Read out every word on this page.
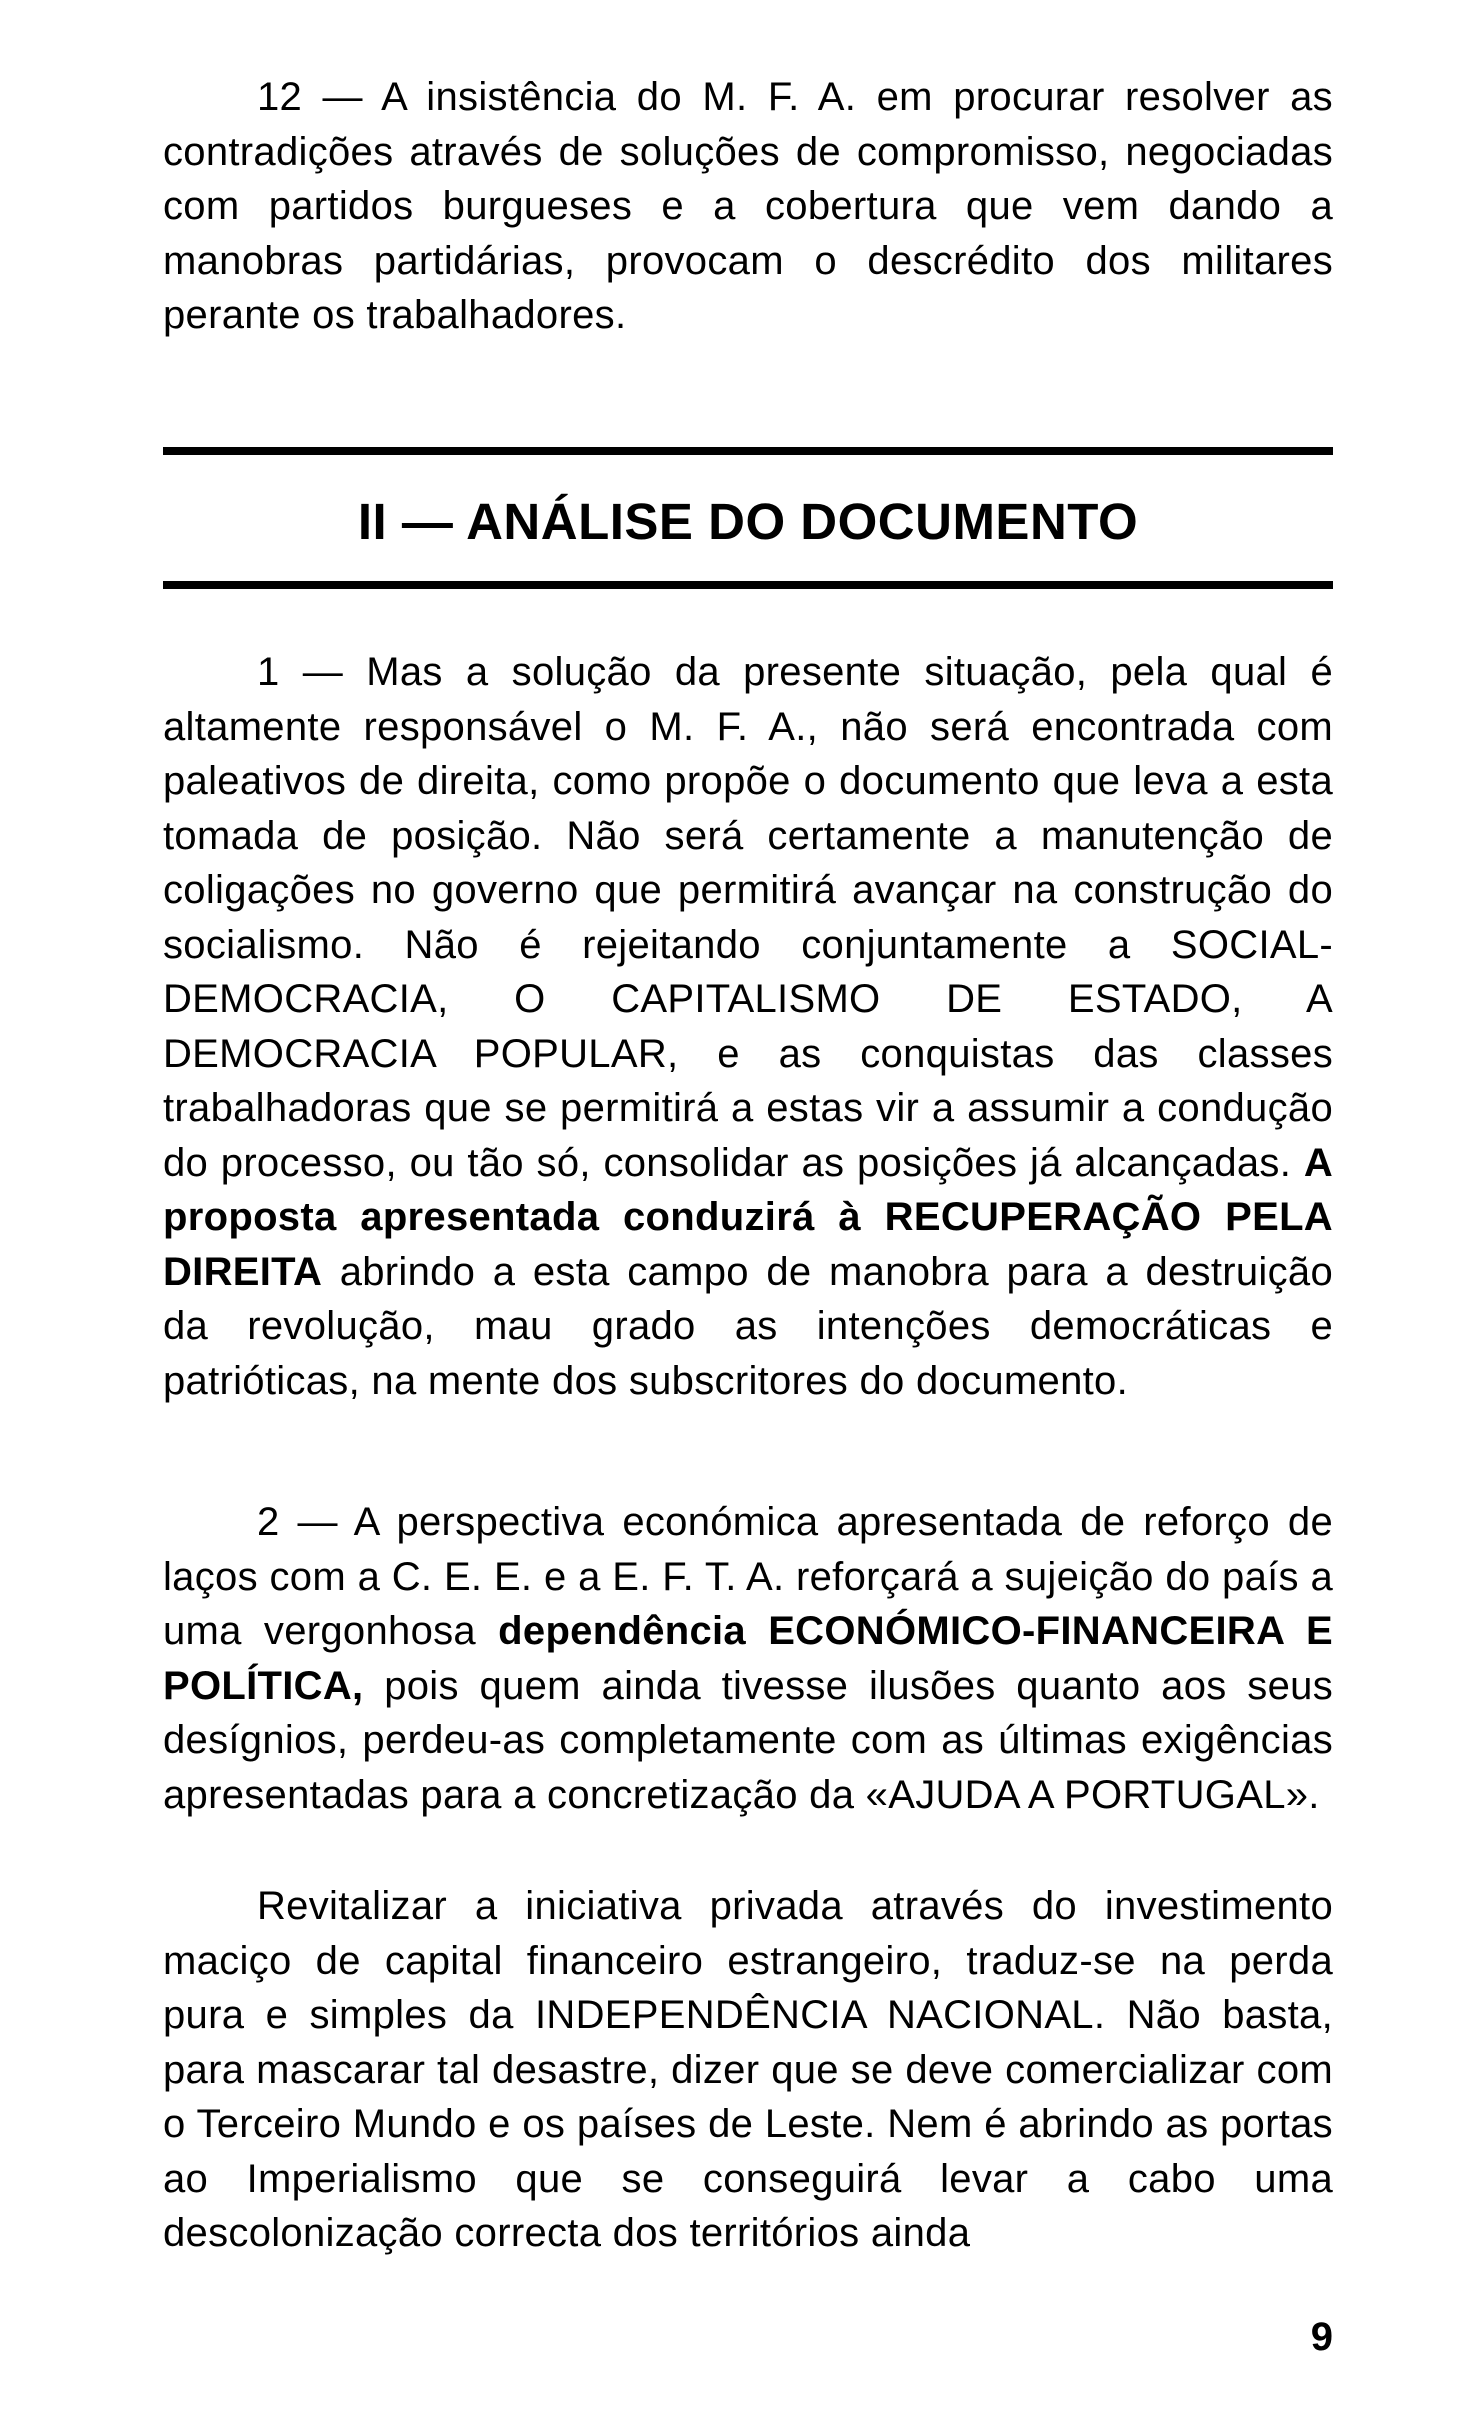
12 — A insistência do M. F. A. em procurar resolver as contradições através de soluções de compromisso, negociadas com partidos burgueses e a cobertura que vem dando a manobras partidárias, provocam o descrédito dos militares perante os trabalhadores.

II — ANÁLISE DO DOCUMENTO

1 — Mas a solução da presente situação, pela qual é altamente responsável o M. F. A., não será encontrada com paleativos de direita, como propõe o documento que leva a esta tomada de posição. Não será certamente a manutenção de coligações no governo que permitirá avançar na construção do socialismo. Não é rejeitando conjuntamente a SOCIAL-DEMOCRACIA, O CAPITALISMO DE ESTADO, A DEMOCRACIA POPULAR, e as conquistas das classes trabalhadoras que se permitirá a estas vir a assumir a condução do processo, ou tão só, consolidar as posições já alcançadas. A proposta apresentada conduzirá à RECUPERAÇÃO PELA DIREITA abrindo a esta campo de manobra para a destruição da revolução, mau grado as intenções democráticas e patrióticas, na mente dos subscritores do documento.

2 — A perspectiva económica apresentada de reforço de laços com a C. E. E. e a E. F. T. A. reforçará a sujeição do país a uma vergonhosa dependência ECONÓMICO-FINANCEIRA E POLÍTICA, pois quem ainda tivesse ilusões quanto aos seus desígnios, perdeu-as completamente com as últimas exigências apresentadas para a concretização da «AJUDA A PORTUGAL».

Revitalizar a iniciativa privada através do investimento maciço de capital financeiro estrangeiro, traduz-se na perda pura e simples da INDEPENDÊNCIA NACIONAL. Não basta, para mascarar tal desastre, dizer que se deve comercializar com o Terceiro Mundo e os países de Leste. Nem é abrindo as portas ao Imperialismo que se conseguirá levar a cabo uma descolonização correcta dos territórios ainda

9
